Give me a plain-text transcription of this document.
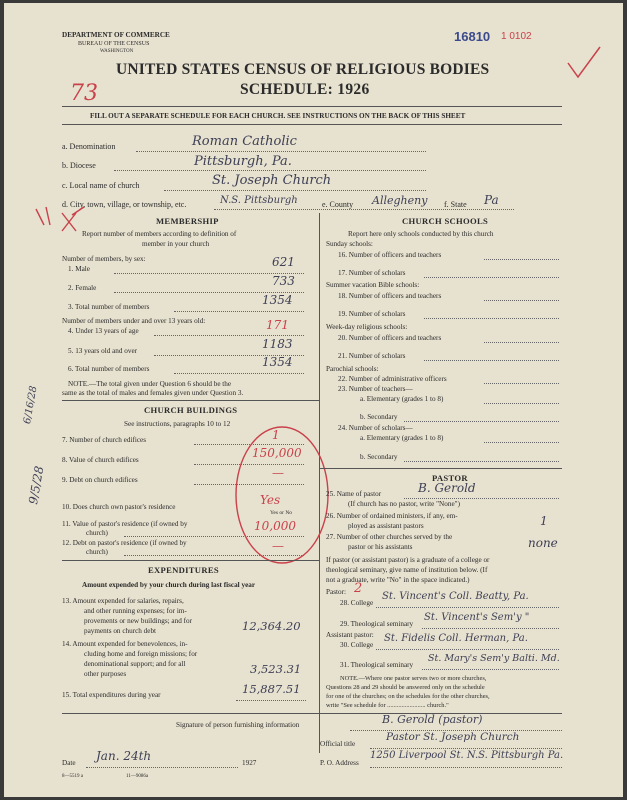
DEPARTMENT OF COMMERCE
BUREAU OF THE CENSUS
WASHINGTON
16810 1 0102
UNITED STATES CENSUS OF RELIGIOUS BODIES
SCHEDULE: 1926
73
FILL OUT A SEPARATE SCHEDULE FOR EACH CHURCH. SEE INSTRUCTIONS ON THE BACK OF THIS SHEET
a. Denomination	Roman Catholic
b. Diocese	Pittsburgh, Pa.
c. Local name of church	St. Joseph Church
d. City, town, village, or township, etc.	N.S. Pittsburgh	e. County Allegheny f. State Pa
MEMBERSHIP
Report number of members according to definition of
member in your church
Number of members, by sex:
1. Male	621
2. Female	733
3. Total number of members	1354
Number of members under and over 13 years old:
4. Under 13 years of age	171
5. 13 years old and over	1183
6. Total number of members	1354
NOTE.—The total given under Question 6 should be the
same as the total of males and females given under Question 3.
CHURCH BUILDINGS
See instructions, paragraphs 10 to 12
7. Number of church edifices	1
8. Value of church edifices	150,000
9. Debt on church edifices	—
10. Does church own pastor's residence	Yes
Yes or No
11. Value of pastor's residence (if owned by
church)	10,000
12. Debt on pastor's residence (if owned by
church)	—
EXPENDITURES
Amount expended by your church during last fiscal year
13. Amount expended for salaries, repairs,
and other running expenses; for im-
provements or new buildings; and for
payments on church debt	12,364.20
14. Amount expended for benevolences, in-
cluding home and foreign missions; for
denominational support; and for all
other purposes	3,523.31
15. Total expenditures during year	15,887.51
CHURCH SCHOOLS
Report here only schools conducted by this church
Sunday schools:
16. Number of officers and teachers
17. Number of scholars
Summer vacation Bible schools:
18. Number of officers and teachers
19. Number of scholars
Week-day religious schools:
20. Number of officers and teachers
21. Number of scholars
Parochial schools:
22. Number of administrative officers
23. Number of teachers—
a. Elementary (grades 1 to 8)
b. Secondary
24. Number of scholars—
a. Elementary (grades 1 to 8)
b. Secondary
PASTOR
25. Name of pastor	B. Gerold
(If church has no pastor, write "None")
26. Number of ordained ministers, if any, em-
ployed as assistant pastors	1
27. Number of other churches served by the
pastor or his assistants	none
If pastor (or assistant pastor) is a graduate of a college or
theological seminary, give name of institution below. (If
not a graduate, write "No" in the space indicated.)
Pastor: 2
28. College
St. Vincent's Coll. Beatty, Pa.
29. Theological seminary
St. Vincent's Sem'y "
Assistant pastor:
30. College
St. Fidelis Coll. Herman, Pa.
31. Theological seminary
St. Mary's Sem'y Balti. Md.
NOTE.—Where one pastor serves two or more churches,
Questions 28 and 29 should be answered only on the schedule
for one of the churches; on the schedules for the other churches,
write "See schedule for ........................ church."
Signature of person furnishing information	B. Gerold (pastor)
Official title
Pastor St. Joseph Church
Date Jan. 24th	1927	P. O. Address
1250 Liverpool St. N.S. Pittsburgh Pa.
8—5519 a	11—9086a
6/16/28
9/5/28
